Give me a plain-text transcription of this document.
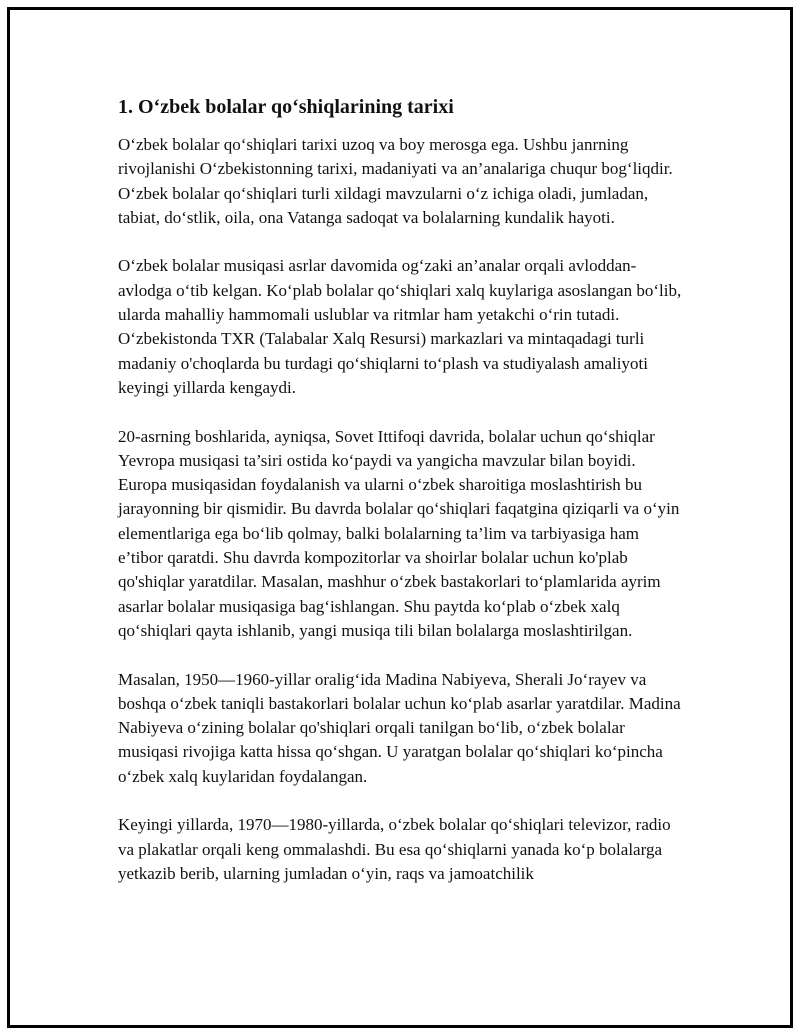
1. O‘zbek bolalar qo‘shiqlarining tarixi

O‘zbek bolalar qo‘shiqlari tarixi uzoq va boy merosga ega. Ushbu janrning rivojlanishi O‘zbekistonning tarixi, madaniyati va an’analariga chuqur bog‘liqdir. O‘zbek bolalar qo‘shiqlari turli xildagi mavzularni o‘z ichiga oladi, jumladan, tabiat, do‘stlik, oila, ona Vatanga sadoqat va bolalarning kundalik hayoti.

O‘zbek bolalar musiqasi asrlar davomida og‘zaki an’analar orqali avloddan-avlodga o‘tib kelgan. Ko‘plab bolalar qo‘shiqlari xalq kuylariga asoslangan bo‘lib, ularda mahalliy hammomali uslublar va ritmlar ham yetakchi o‘rin tutadi. O‘zbekistonda TXR (Talabalar Xalq Resursi) markazlari va mintaqadagi turli madaniy o'choqlarda bu turdagi qo‘shiqlarni to‘plash va studiyalash amaliyoti keyingi yillarda kengaydi.

20-asrning boshlarida, ayniqsa, Sovet Ittifoqi davrida, bolalar uchun qo‘shiqlar Yevropa musiqasi ta’siri ostida ko‘paydi va yangicha mavzular bilan boyidi. Europa musiqasidan foydalanish va ularni o‘zbek sharoitiga moslashtirish bu jarayonning bir qismidir. Bu davrda bolalar qo‘shiqlari faqatgina qiziqarli va o‘yin elementlariga ega bo‘lib qolmay, balki bolalarning ta’lim va tarbiyasiga ham e’tibor qaratdi. Shu davrda kompozitorlar va shoirlar bolalar uchun ko'plab qo'shiqlar yaratdilar. Masalan, mashhur o‘zbek bastakorlari to‘plamlarida ayrim asarlar bolalar musiqasiga bag‘ishlangan. Shu paytda ko‘plab o‘zbek xalq qo‘shiqlari qayta ishlanib, yangi musiqa tili bilan bolalarga moslashtirilgan.

Masalan, 1950—1960-yillar oralig‘ida Madina Nabiyeva, Sherali Jo‘rayev va boshqa o‘zbek taniqli bastakorlari bolalar uchun ko‘plab asarlar yaratdilar. Madina Nabiyeva o‘zining bolalar qo'shiqlari orqali tanilgan bo‘lib, o‘zbek bolalar musiqasi rivojiga katta hissa qo‘shgan. U yaratgan bolalar qo‘shiqlari ko‘pincha o‘zbek xalq kuylaridan foydalangan.

Keyingi yillarda, 1970—1980-yillarda, o‘zbek bolalar qo‘shiqlari televizor, radio va plakatlar orqali keng ommalashdi. Bu esa qo‘shiqlarni yanada ko‘p bolalarga yetkazib berib, ularning jumladan o‘yin, raqs va jamoatchilik
